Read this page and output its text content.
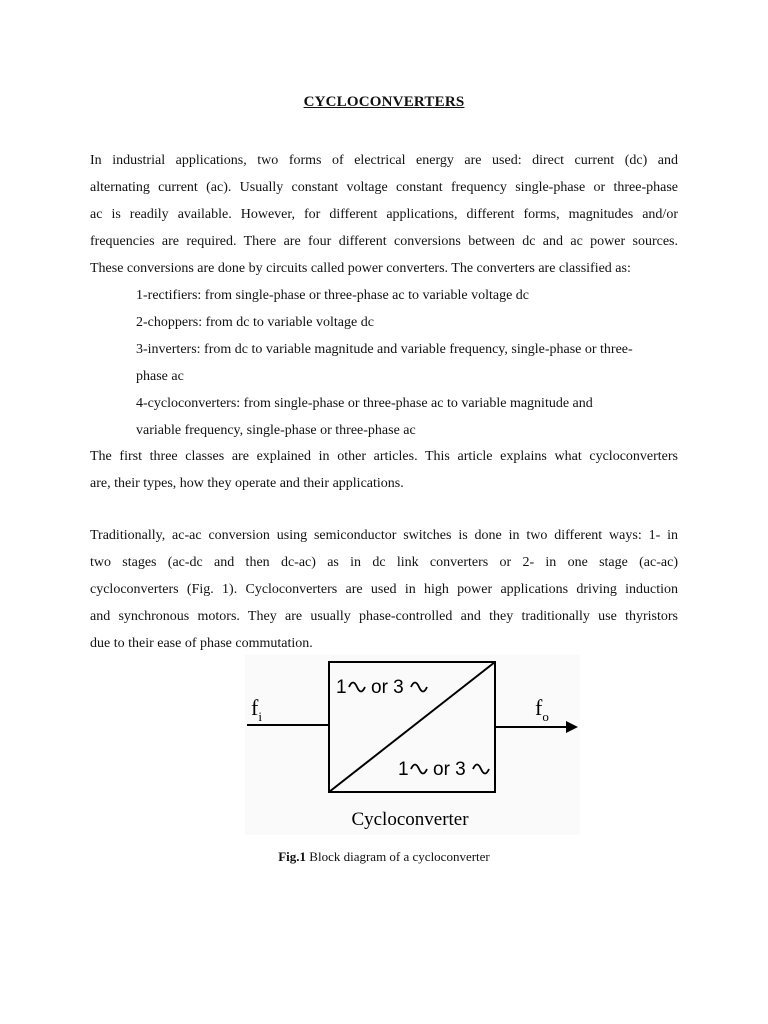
CYCLOCONVERTERS
In industrial applications, two forms of electrical energy are used: direct current (dc) and
alternating current (ac). Usually constant voltage constant frequency single-phase or three-phase
ac is readily available. However, for different applications, different forms, magnitudes and/or
frequencies are required. There are four different conversions between dc and ac power sources.
These conversions are done by circuits called power converters. The converters are classified as:
1-rectifiers: from single-phase or three-phase ac to variable voltage dc
2-choppers: from dc to variable voltage dc
3-inverters: from dc to variable magnitude and variable frequency, single-phase or three-
phase ac
4-cycloconverters: from single-phase or three-phase ac to variable magnitude and
variable frequency, single-phase or three-phase ac
The first three classes are explained in other articles. This article explains what cycloconverters
are, their types, how they operate and their applications.
Traditionally, ac-ac conversion using semiconductor switches is done in two different ways: 1- in
two stages (ac-dc and then dc-ac) as in dc link converters or 2- in one stage (ac-ac)
cycloconverters (Fig. 1). Cycloconverters are used in high power applications driving induction
and synchronous motors. They are usually phase-controlled and they traditionally use thyristors
due to their ease of phase commutation.
$f_i$	$f_o$
1 or 3
1 or 3
Cycloconverter
Fig.1 Block diagram of a cycloconverter
